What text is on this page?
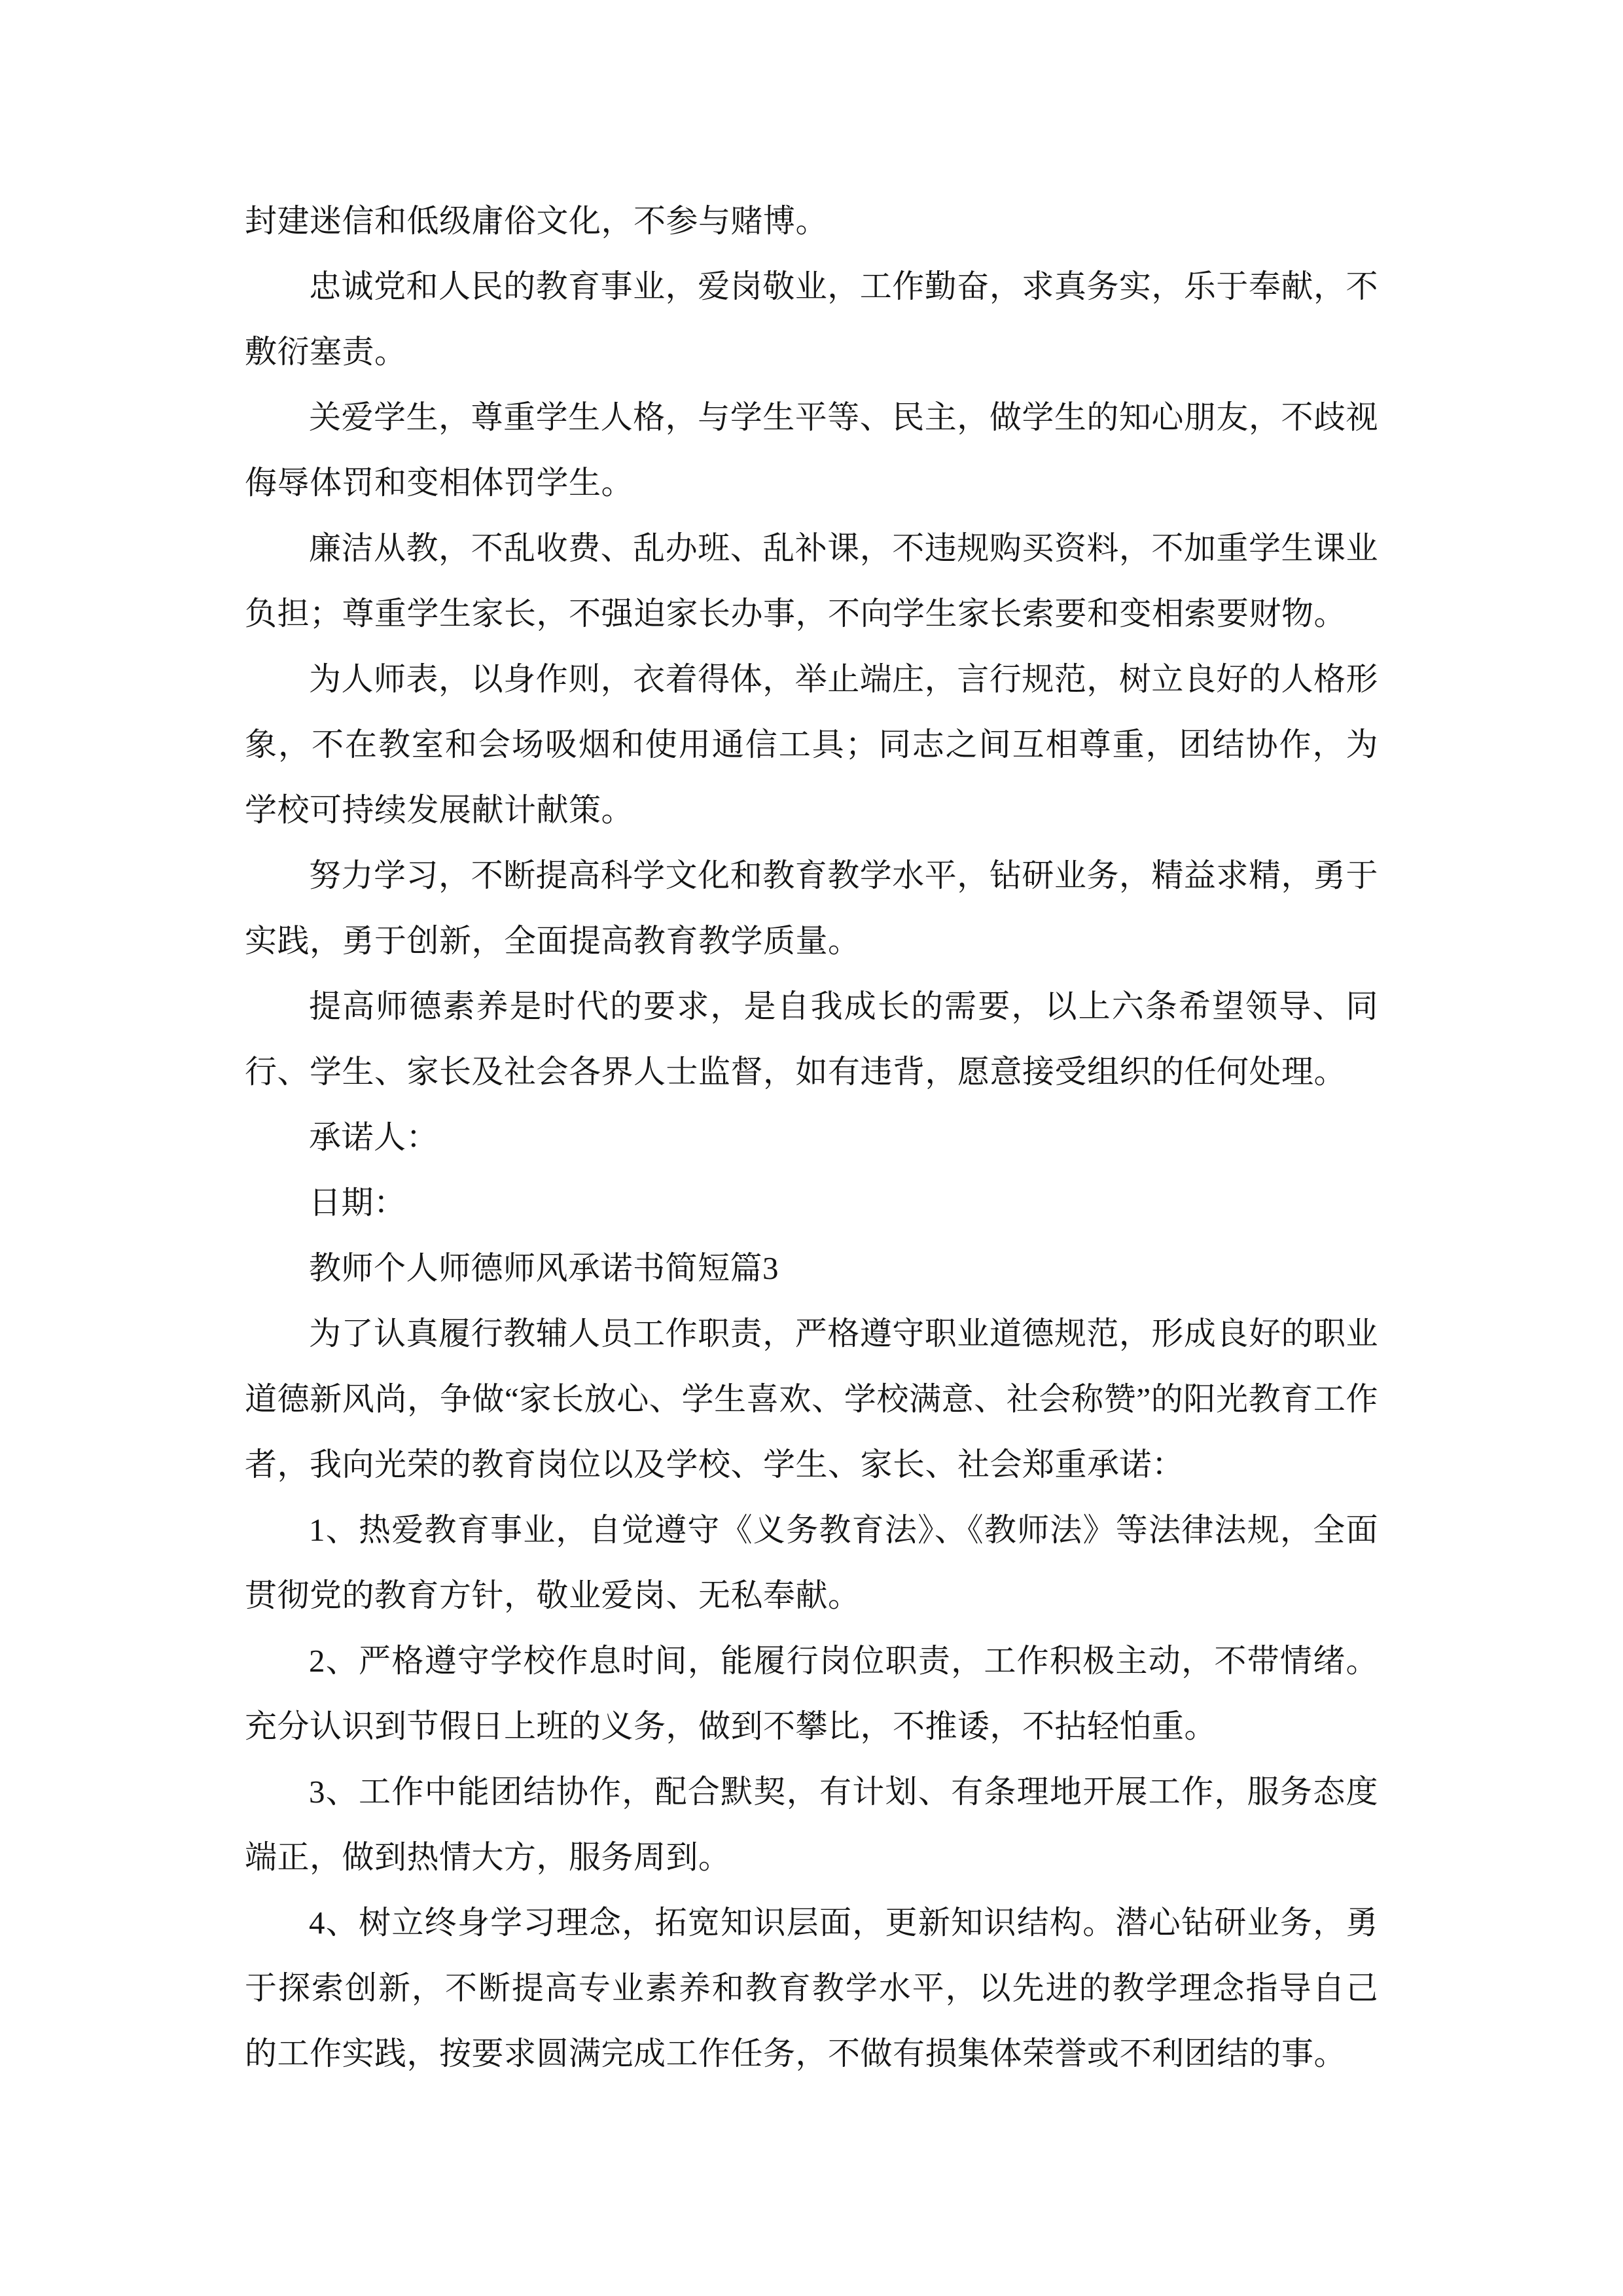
封建迷信和低级庸俗文化，不参与赌博。

忠诚党和人民的教育事业，爱岗敬业，工作勤奋，求真务实，乐于奉献，不敷衍塞责。

关爱学生，尊重学生人格，与学生平等、民主，做学生的知心朋友，不歧视侮辱体罚和变相体罚学生。

廉洁从教，不乱收费、乱办班、乱补课，不违规购买资料，不加重学生课业负担；尊重学生家长，不强迫家长办事，不向学生家长索要和变相索要财物。

为人师表，以身作则，衣着得体，举止端庄，言行规范，树立良好的人格形象，不在教室和会场吸烟和使用通信工具；同志之间互相尊重，团结协作，为学校可持续发展献计献策。

努力学习，不断提高科学文化和教育教学水平，钻研业务，精益求精，勇于实践，勇于创新，全面提高教育教学质量。

提高师德素养是时代的要求，是自我成长的需要，以上六条希望领导、同行、学生、家长及社会各界人士监督，如有违背，愿意接受组织的任何处理。

承诺人：

日期：

教师个人师德师风承诺书简短篇3

为了认真履行教辅人员工作职责，严格遵守职业道德规范，形成良好的职业道德新风尚，争做“家长放心、学生喜欢、学校满意、社会称赞”的阳光教育工作者，我向光荣的教育岗位以及学校、学生、家长、社会郑重承诺：

1、热爱教育事业，自觉遵守《义务教育法》、《教师法》等法律法规，全面贯彻党的教育方针，敬业爱岗、无私奉献。

2、严格遵守学校作息时间，能履行岗位职责，工作积极主动，不带情绪。充分认识到节假日上班的义务，做到不攀比，不推诿，不拈轻怕重。

3、工作中能团结协作，配合默契，有计划、有条理地开展工作，服务态度端正，做到热情大方，服务周到。

4、树立终身学习理念，拓宽知识层面，更新知识结构。潜心钻研业务，勇于探索创新，不断提高专业素养和教育教学水平，以先进的教学理念指导自己的工作实践，按要求圆满完成工作任务，不做有损集体荣誉或不利团结的事。
